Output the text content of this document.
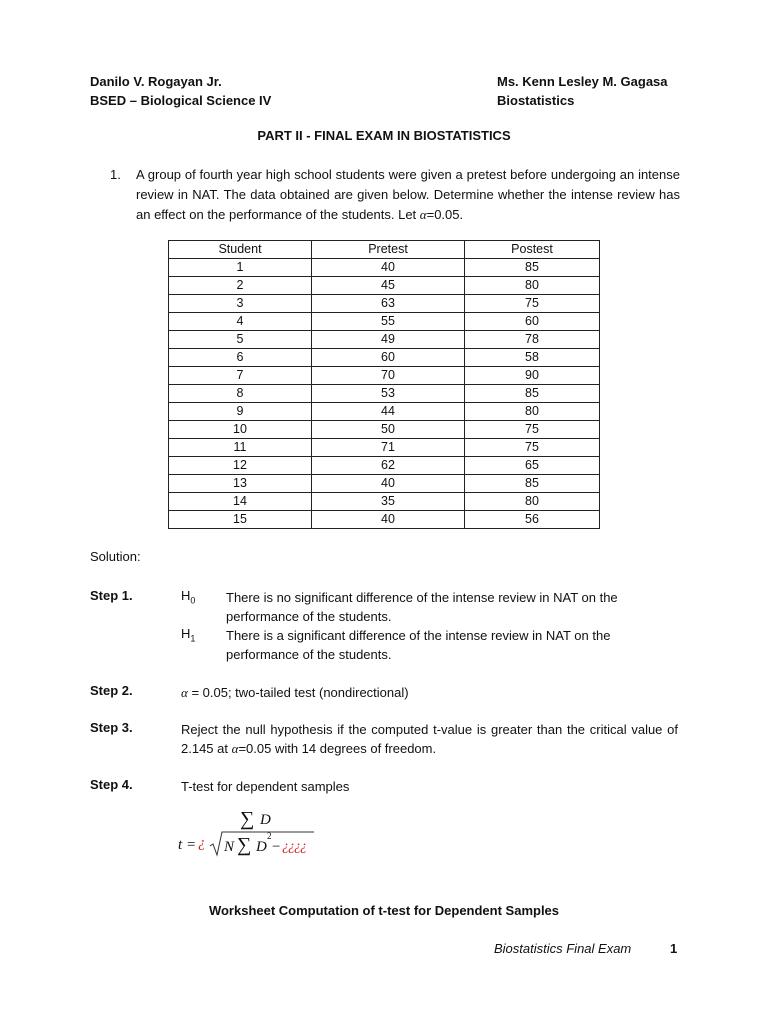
Danilo V. Rogayan Jr.
BSED – Biological Science IV
Ms. Kenn Lesley M. Gagasa
Biostatistics
PART II - FINAL EXAM IN BIOSTATISTICS
1. A group of fourth year high school students were given a pretest before undergoing an intense review in NAT. The data obtained are given below. Determine whether the intense review has an effect on the performance of the students. Let α=0.05.
Student	Pretest	Postest
1	40	85
2	45	80
3	63	75
4	55	60
5	49	78
6	60	58
7	70	90
8	53	85
9	44	80
10	50	75
11	71	75
12	62	65
13	40	85
14	35	80
15	40	56
Solution:
Step 1.	$H_0$ There is no significant difference of the intense review in NAT on the performance of the students.
$H_1$ There is a significant difference of the intense review in NAT on the performance of the students.
Step 2.	α = 0.05; two-tailed test (nondirectional)
Step 3.	Reject the null hypothesis if the computed t-value is greater than the critical value of 2.145 at α=0.05 with 14 degrees of freedom.
Step 4.	T-test for dependent samples
∑ D
t = ¿ N ∑ D
2
− ¿¿¿¿
Worksheet Computation of t-test for Dependent Samples
Biostatistics Final Exam	1
